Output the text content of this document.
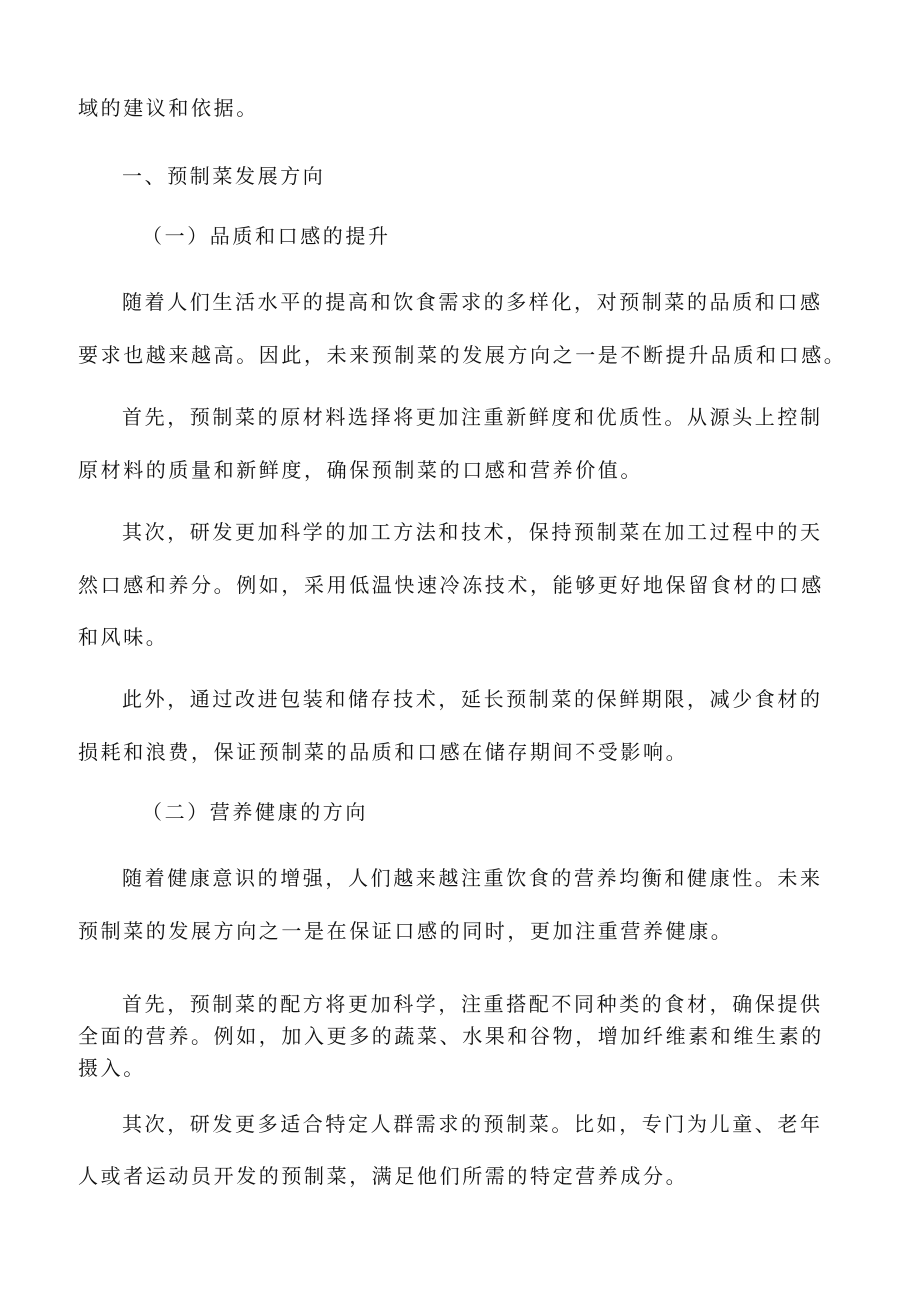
域的建议和依据。
一、预制菜发展方向
（一）品质和口感的提升
随着人们生活水平的提高和饮食需求的多样化，对预制菜的品质和口感
要求也越来越高。因此，未来预制菜的发展方向之一是不断提升品质和口感。
首先，预制菜的原材料选择将更加注重新鲜度和优质性。从源头上控制
原材料的质量和新鲜度，确保预制菜的口感和营养价值。
其次，研发更加科学的加工方法和技术，保持预制菜在加工过程中的天
然口感和养分。例如，采用低温快速冷冻技术，能够更好地保留食材的口感
和风味。
此外，通过改进包装和储存技术，延长预制菜的保鲜期限，减少食材的
损耗和浪费，保证预制菜的品质和口感在储存期间不受影响。
（二）营养健康的方向
随着健康意识的增强，人们越来越注重饮食的营养均衡和健康性。未来
预制菜的发展方向之一是在保证口感的同时，更加注重营养健康。
首先，预制菜的配方将更加科学，注重搭配不同种类的食材，确保提供
全面的营养。例如，加入更多的蔬菜、水果和谷物，增加纤维素和维生素的
摄入。
其次，研发更多适合特定人群需求的预制菜。比如，专门为儿童、老年
人或者运动员开发的预制菜，满足他们所需的特定营养成分。
